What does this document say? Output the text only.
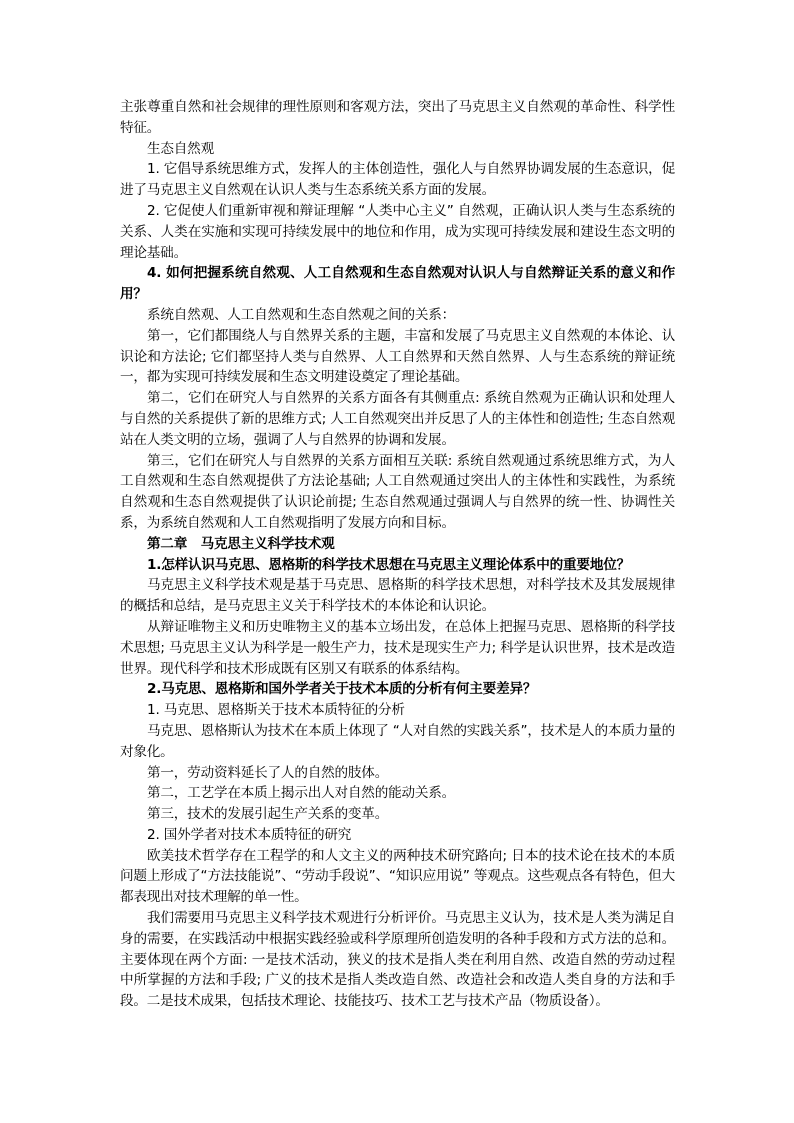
主张尊重自然和社会规律的理性原则和客观方法，突出了马克思主义自然观的革命性、科学性特征。

生态自然观

1. 它倡导系统思维方式，发挥人的主体创造性，强化人与自然界协调发展的生态意识，促进了马克思主义自然观在认识人类与生态系统关系方面的发展。

2. 它促使人们重新审视和辩证理解 “人类中心主义” 自然观，正确认识人类与生态系统的关系、人类在实施和实现可持续发展中的地位和作用，成为实现可持续发展和建设生态文明的理论基础。

4. 如何把握系统自然观、人工自然观和生态自然观对认识人与自然辩证关系的意义和作用？

系统自然观、人工自然观和生态自然观之间的关系：

第一，它们都围绕人与自然界关系的主题，丰富和发展了马克思主义自然观的本体论、认识论和方法论; 它们都坚持人类与自然界、人工自然界和天然自然界、人与生态系统的辩证统一，都为实现可持续发展和生态文明建设奠定了理论基础。

第二，它们在研究人与自然界的关系方面各有其侧重点: 系统自然观为正确认识和处理人与自然的关系提供了新的思维方式; 人工自然观突出并反思了人的主体性和创造性; 生态自然观站在人类文明的立场，强调了人与自然界的协调和发展。

第三，它们在研究人与自然界的关系方面相互关联: 系统自然观通过系统思维方式，为人工自然观和生态自然观提供了方法论基础; 人工自然观通过突出人的主体性和实践性，为系统自然观和生态自然观提供了认识论前提; 生态自然观通过强调人与自然界的统一性、协调性关系，为系统自然观和人工自然观指明了发展方向和目标。

第二章　马克思主义科学技术观

1.怎样认识马克思、恩格斯的科学技术思想在马克思主义理论体系中的重要地位？

马克思主义科学技术观是基于马克思、恩格斯的科学技术思想，对科学技术及其发展规律的概括和总结，是马克思主义关于科学技术的本体论和认识论。

从辩证唯物主义和历史唯物主义的基本立场出发，在总体上把握马克思、恩格斯的科学技术思想; 马克思主义认为科学是一般生产力，技术是现实生产力; 科学是认识世界，技术是改造世界。现代科学和技术形成既有区别又有联系的体系结构。

2.马克思、恩格斯和国外学者关于技术本质的分析有何主要差异？

1. 马克思、恩格斯关于技术本质特征的分析

马克思、恩格斯认为技术在本质上体现了 “人对自然的实践关系”，技术是人的本质力量的对象化。

第一，劳动资料延长了人的自然的肢体。

第二，工艺学在本质上揭示出人对自然的能动关系。

第三，技术的发展引起生产关系的变革。

2. 国外学者对技术本质特征的研究

欧美技术哲学存在工程学的和人文主义的两种技术研究路向; 日本的技术论在技术的本质问题上形成了“方法技能说”、“劳动手段说”、“知识应用说” 等观点。这些观点各有特色，但大都表现出对技术理解的单一性。

我们需要用马克思主义科学技术观进行分析评价。马克思主义认为，技术是人类为满足自身的需要，在实践活动中根据实践经验或科学原理所创造发明的各种手段和方式方法的总和。主要体现在两个方面: 一是技术活动，狭义的技术是指人类在利用自然、改造自然的劳动过程中所掌握的方法和手段; 广义的技术是指人类改造自然、改造社会和改造人类自身的方法和手段。二是技术成果，包括技术理论、技能技巧、技术工艺与技术产品（物质设备）。
